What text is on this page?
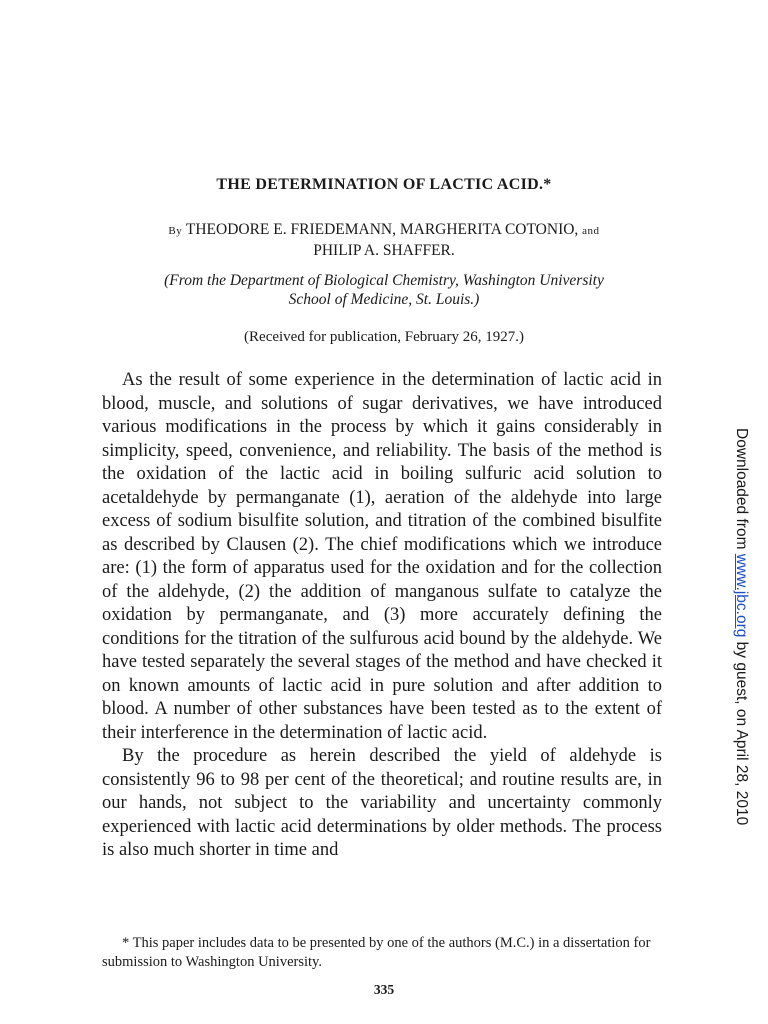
THE DETERMINATION OF LACTIC ACID.*
By THEODORE E. FRIEDEMANN, MARGHERITA COTONIO, and
PHILIP A. SHAFFER.
(From the Department of Biological Chemistry, Washington University
School of Medicine, St. Louis.)
(Received for publication, February 26, 1927.)

As the result of some experience in the determination of lactic acid in blood, muscle, and solutions of sugar derivatives, we have introduced various modifications in the process by which it gains considerably in simplicity, speed, convenience, and reliability. The basis of the method is the oxidation of the lactic acid in boiling sulfuric acid solution to acetaldehyde by permanganate (1), aeration of the aldehyde into large excess of sodium bisulfite solution, and titration of the combined bisulfite as described by Clausen (2). The chief modifications which we introduce are: (1) the form of apparatus used for the oxidation and for the collection of the aldehyde, (2) the addition of manganous sulfate to catalyze the oxidation by permanganate, and (3) more accurately defining the conditions for the titration of the sulfurous acid bound by the aldehyde. We have tested separately the several stages of the method and have checked it on known amounts of lactic acid in pure solution and after addition to blood. A number of other substances have been tested as to the extent of their interference in the determination of lactic acid.

By the procedure as herein described the yield of aldehyde is consistently 96 to 98 per cent of the theoretical; and routine results are, in our hands, not subject to the variability and uncertainty commonly experienced with lactic acid determinations by older methods. The process is also much shorter in time and

* This paper includes data to be presented by one of the authors (M.C.) in a dissertation for submission to Washington University.

335
Downloaded from www.jbc.org by guest, on April 28, 2010
